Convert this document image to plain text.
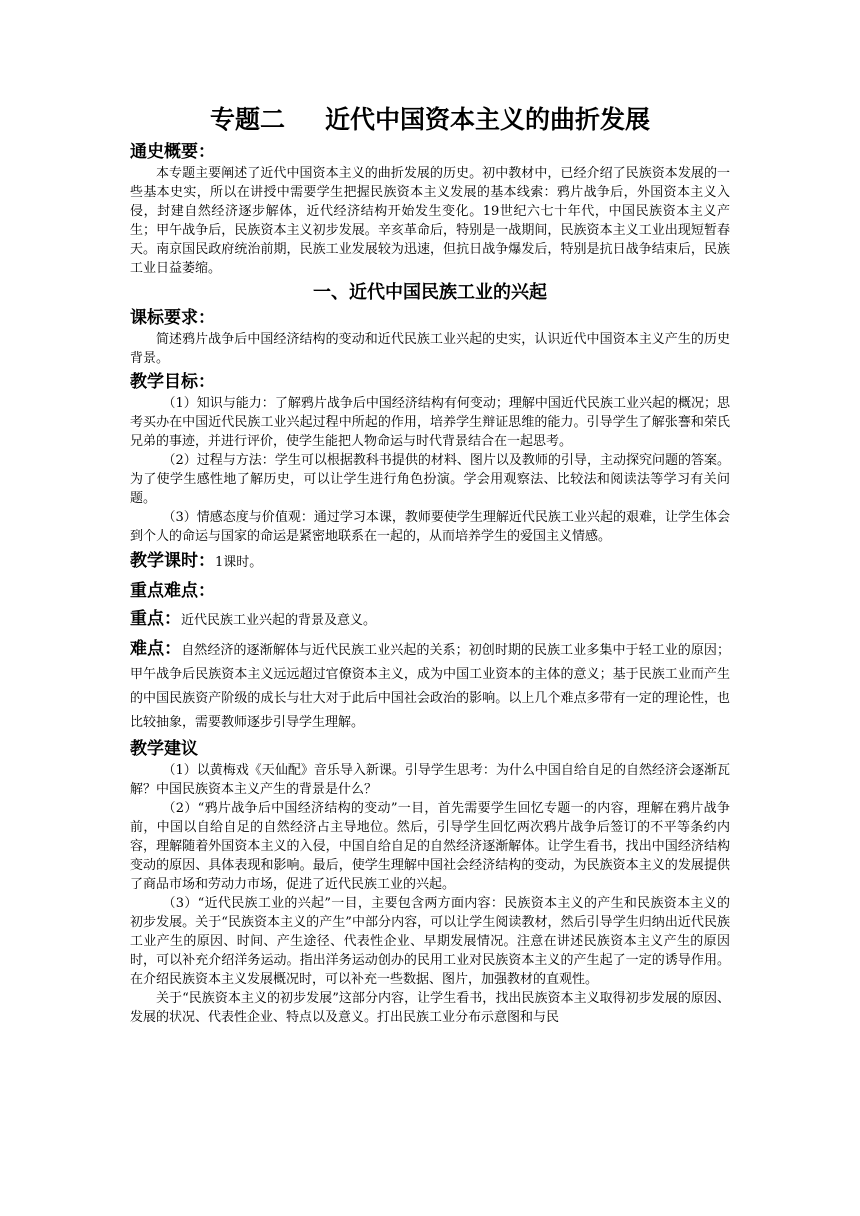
专题二 近代中国资本主义的曲折发展
通史概要：

本专题主要阐述了近代中国资本主义的曲折发展的历史。初中教材中，已经介绍了民族资本发展的一些基本史实，所以在讲授中需要学生把握民族资本主义发展的基本线索：鸦片战争后，外国资本主义入侵，封建自然经济逐步解体，近代经济结构开始发生变化。19世纪六七十年代，中国民族资本主义产生；甲午战争后，民族资本主义初步发展。辛亥革命后，特别是一战期间，民族资本主义工业出现短暂春天。南京国民政府统治前期，民族工业发展较为迅速，但抗日战争爆发后，特别是抗日战争结束后，民族工业日益萎缩。

一、近代中国民族工业的兴起
课标要求：

简述鸦片战争后中国经济结构的变动和近代民族工业兴起的史实，认识近代中国资本主义产生的历史背景。

教学目标：

（1）知识与能力：了解鸦片战争后中国经济结构有何变动；理解中国近代民族工业兴起的概况；思考买办在中国近代民族工业兴起过程中所起的作用，培养学生辩证思维的能力。引导学生了解张謇和荣氏兄弟的事迹，并进行评价，使学生能把人物命运与时代背景结合在一起思考。

（2）过程与方法：学生可以根据教科书提供的材料、图片以及教师的引导，主动探究问题的答案。为了使学生感性地了解历史，可以让学生进行角色扮演。学会用观察法、比较法和阅读法等学习有关问题。

（3）情感态度与价值观：通过学习本课，教师要使学生理解近代民族工业兴起的艰难，让学生体会到个人的命运与国家的命运是紧密地联系在一起的，从而培养学生的爱国主义情感。

教学课时：1课时。
重点难点：
重点：近代民族工业兴起的背景及意义。
难点：自然经济的逐渐解体与近代民族工业兴起的关系；初创时期的民族工业多集中于轻工业的原因；甲午战争后民族资本主义远远超过官僚资本主义，成为中国工业资本的主体的意义；基于民族工业而产生的中国民族资产阶级的成长与壮大对于此后中国社会政治的影响。以上几个难点多带有一定的理论性，也比较抽象，需要教师逐步引导学生理解。
教学建议

（1）以黄梅戏《天仙配》音乐导入新课。引导学生思考：为什么中国自给自足的自然经济会逐渐瓦解？中国民族资本主义产生的背景是什么？

（2）“鸦片战争后中国经济结构的变动”一目，首先需要学生回忆专题一的内容，理解在鸦片战争前，中国以自给自足的自然经济占主导地位。然后，引导学生回忆两次鸦片战争后签订的不平等条约内容，理解随着外国资本主义的入侵，中国自给自足的自然经济逐渐解体。让学生看书，找出中国经济结构变动的原因、具体表现和影响。最后，使学生理解中国社会经济结构的变动，为民族资本主义的发展提供了商品市场和劳动力市场，促进了近代民族工业的兴起。

（3）“近代民族工业的兴起”一目，主要包含两方面内容：民族资本主义的产生和民族资本主义的初步发展。关于“民族资本主义的产生”中部分内容，可以让学生阅读教材，然后引导学生归纳出近代民族工业产生的原因、时间、产生途径、代表性企业、早期发展情况。注意在讲述民族资本主义产生的原因时，可以补充介绍洋务运动。指出洋务运动创办的民用工业对民族资本主义的产生起了一定的诱导作用。在介绍民族资本主义发展概况时，可以补充一些数据、图片，加强教材的直观性。

关于“民族资本主义的初步发展”这部分内容，让学生看书，找出民族资本主义取得初步发展的原因、发展的状况、代表性企业、特点以及意义。打出民族工业分布示意图和与民
